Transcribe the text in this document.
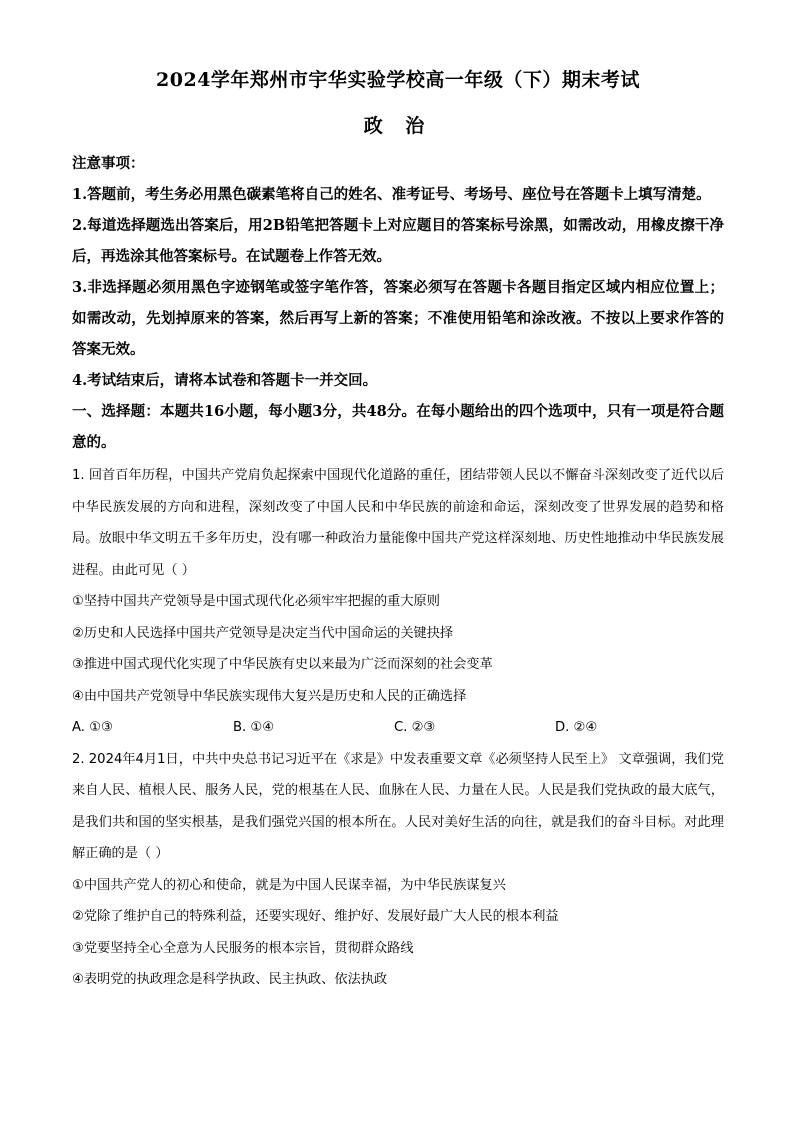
2024学年郑州市宇华实验学校高一年级（下）期末考试
政 治

注意事项：

1.答题前，考生务必用黑色碳素笔将自己的姓名、准考证号、考场号、座位号在答题卡上填写清楚。

2.每道选择题选出答案后，用2B铅笔把答题卡上对应题目的答案标号涂黑，如需改动，用橡皮擦干净后，再选涂其他答案标号。在试题卷上作答无效。

3.非选择题必须用黑色字迹钢笔或签字笔作答，答案必须写在答题卡各题目指定区域内相应位置上；如需改动，先划掉原来的答案，然后再写上新的答案；不准使用铅笔和涂改液。不按以上要求作答的答案无效。

4.考试结束后，请将本试卷和答题卡一并交回。

一、选择题：本题共16小题，每小题3分，共48分。在每小题给出的四个选项中，只有一项是符合题意的。

1. 回首百年历程，中国共产党肩负起探索中国现代化道路的重任，团结带领人民以不懈奋斗深刻改变了近代以后中华民族发展的方向和进程，深刻改变了中国人民和中华民族的前途和命运，深刻改变了世界发展的趋势和格局。放眼中华文明五千多年历史，没有哪一种政治力量能像中国共产党这样深刻地、历史性地推动中华民族发展进程。由此可见（ ）

①坚持中国共产党领导是中国式现代化必须牢牢把握的重大原则

②历史和人民选择中国共产党领导是决定当代中国命运的关键抉择

③推进中国式现代化实现了中华民族有史以来最为广泛而深刻的社会变革

④由中国共产党领导中华民族实现伟大复兴是历史和人民的正确选择

A. ①③	B. ①④	C. ②③	D. ②④

2. 2024年4月1日，中共中央总书记习近平在《求是》中发表重要文章《必须坚持人民至上》 文章强调，我们党来自人民、植根人民、服务人民，党的根基在人民、血脉在人民、力量在人民。人民是我们党执政的最大底气，是我们共和国的坚实根基，是我们强党兴国的根本所在。人民对美好生活的向往，就是我们的奋斗目标。对此理解正确的是（ ）

①中国共产党人的初心和使命，就是为中国人民谋幸福，为中华民族谋复兴

②党除了维护自己的特殊利益，还要实现好、维护好、发展好最广大人民的根本利益

③党要坚持全心全意为人民服务的根本宗旨，贯彻群众路线

④表明党的执政理念是科学执政、民主执政、依法执政
